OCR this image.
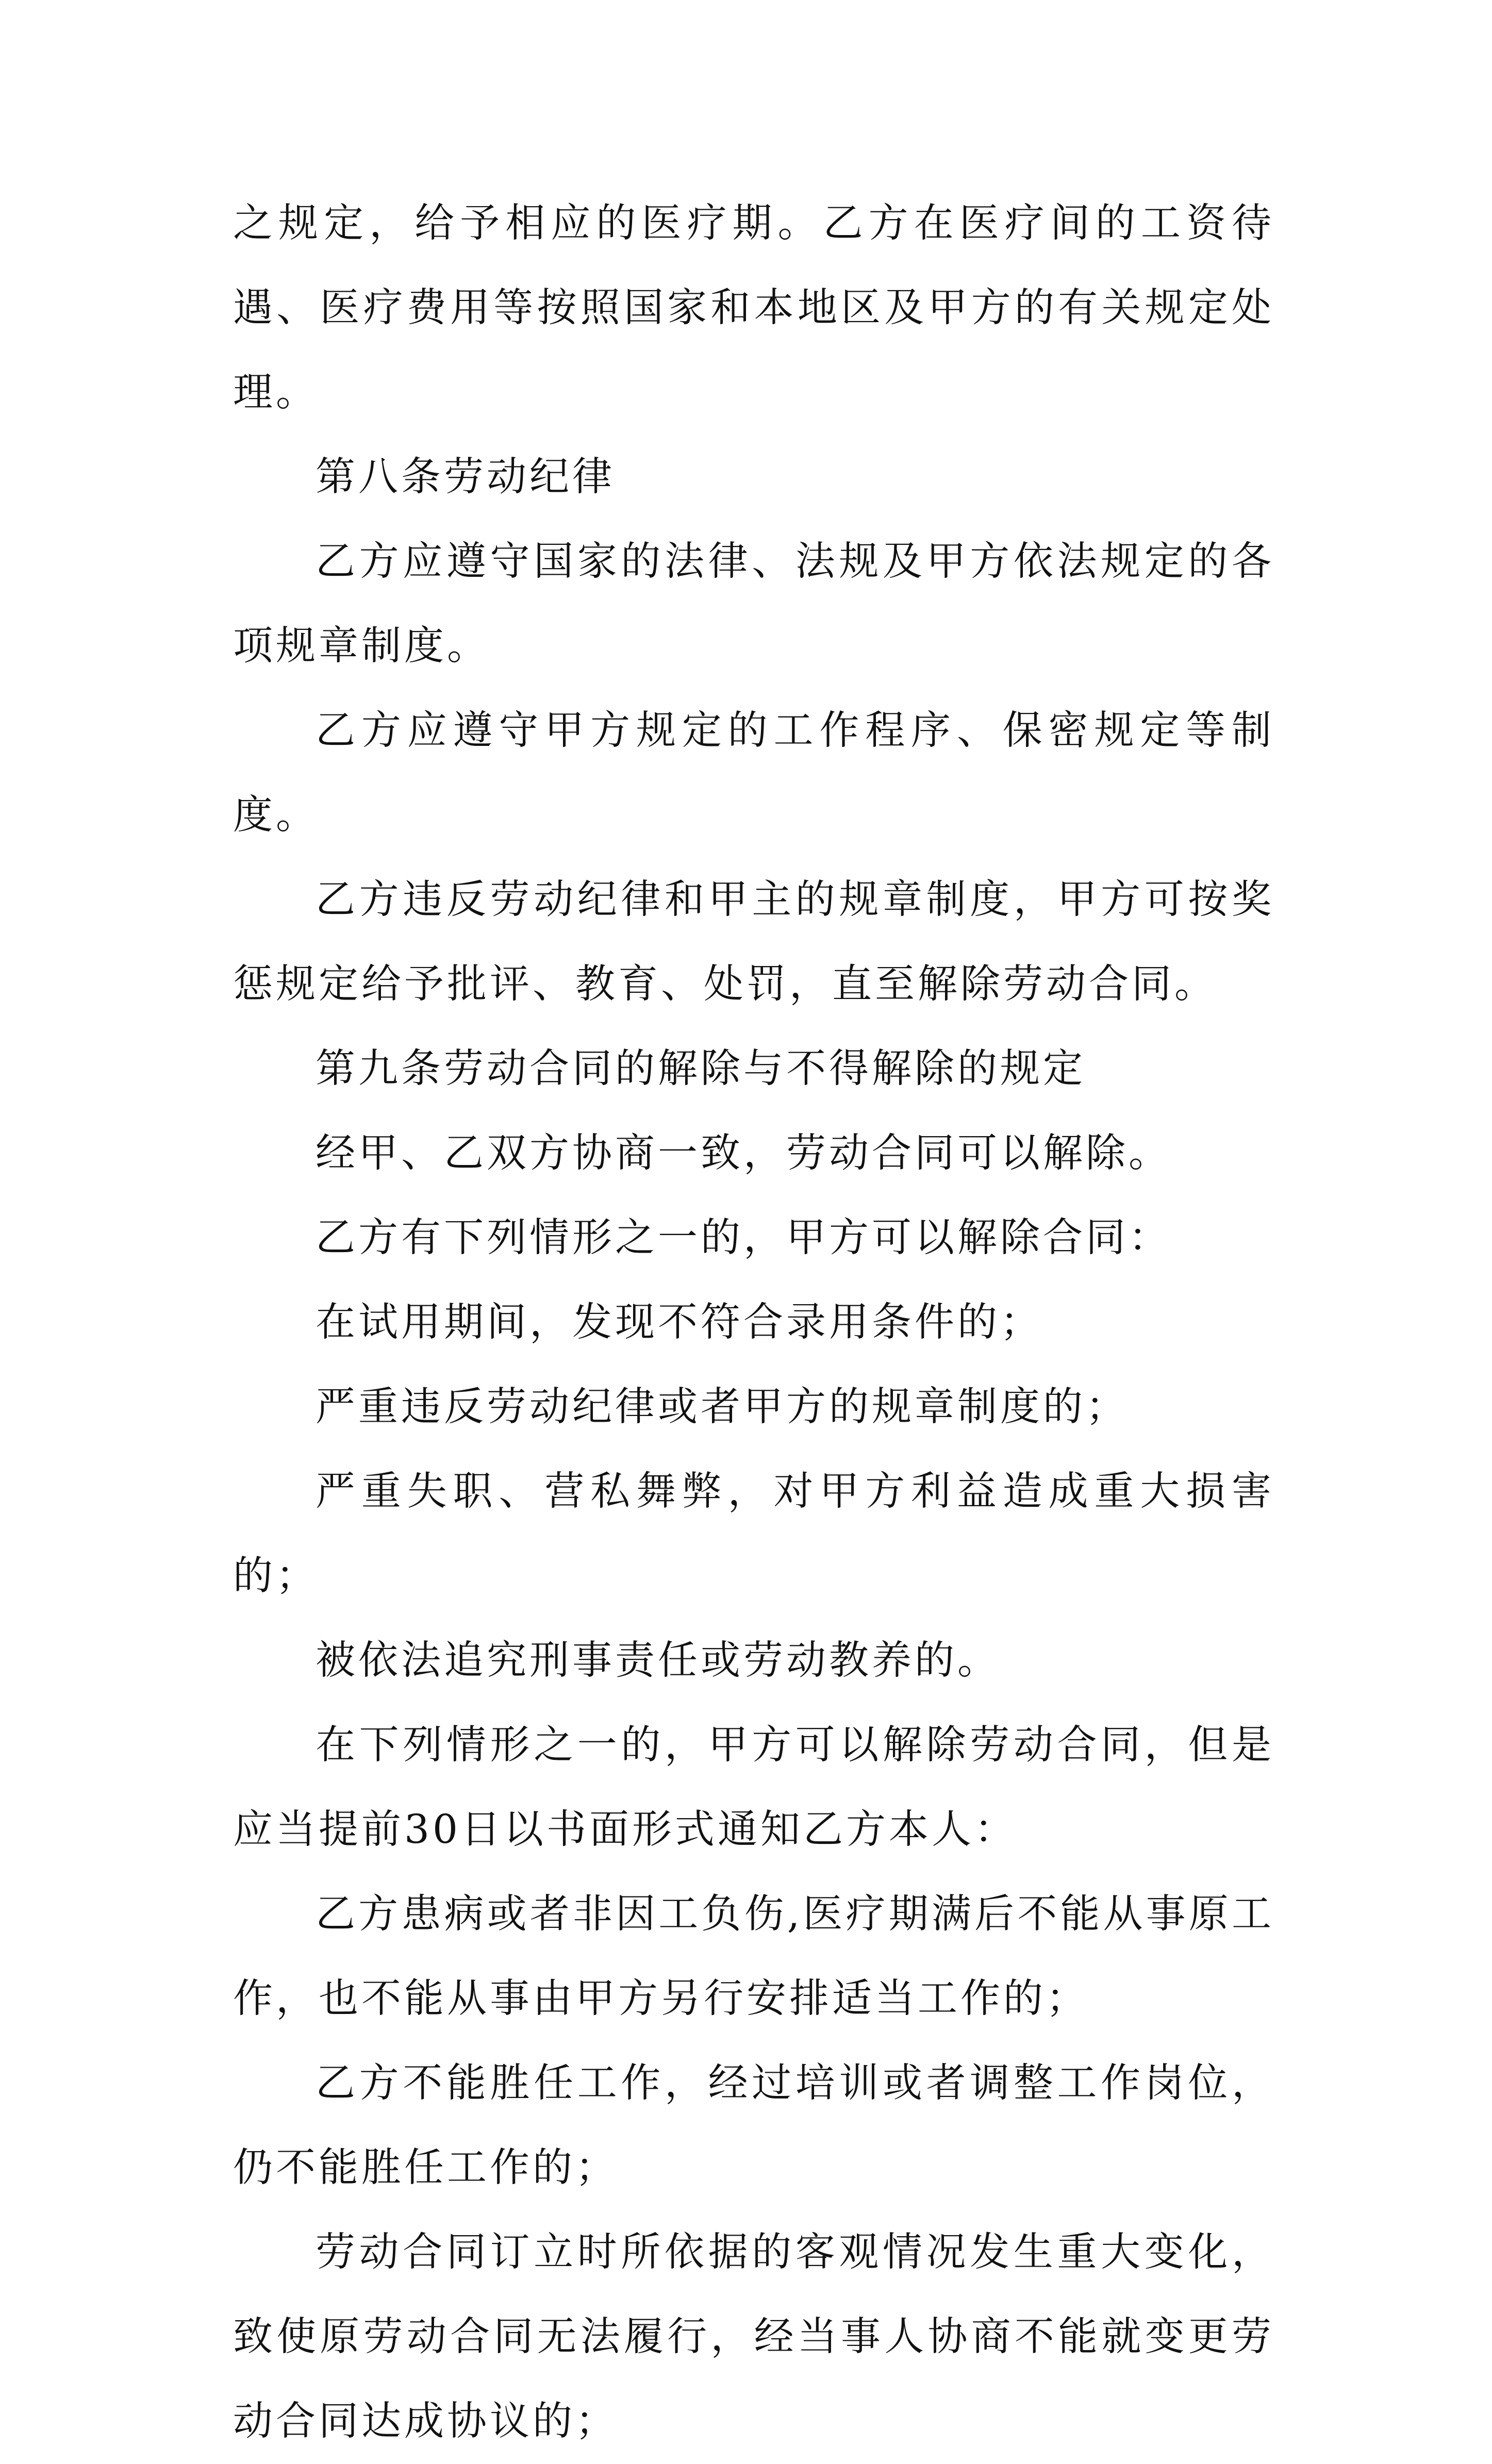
之规定，给予相应的医疗期。乙方在医疗间的工资待遇、医疗费用等按照国家和本地区及甲方的有关规定处理。

第八条劳动纪律

乙方应遵守国家的法律、法规及甲方依法规定的各项规章制度。

乙方应遵守甲方规定的工作程序、保密规定等制度。

乙方违反劳动纪律和甲主的规章制度，甲方可按奖惩规定给予批评、教育、处罚，直至解除劳动合同。

第九条劳动合同的解除与不得解除的规定

经甲、乙双方协商一致，劳动合同可以解除。

乙方有下列情形之一的，甲方可以解除合同：

在试用期间，发现不符合录用条件的；

严重违反劳动纪律或者甲方的规章制度的；

严重失职、营私舞弊，对甲方利益造成重大损害的；

被依法追究刑事责任或劳动教养的。

在下列情形之一的，甲方可以解除劳动合同，但是应当提前30日以书面形式通知乙方本人：

乙方患病或者非因工负伤,医疗期满后不能从事原工作，也不能从事由甲方另行安排适当工作的；

乙方不能胜任工作，经过培训或者调整工作岗位，仍不能胜任工作的；

劳动合同订立时所依据的客观情况发生重大变化，致使原劳动合同无法履行，经当事人协商不能就变更劳动合同达成协议的；
